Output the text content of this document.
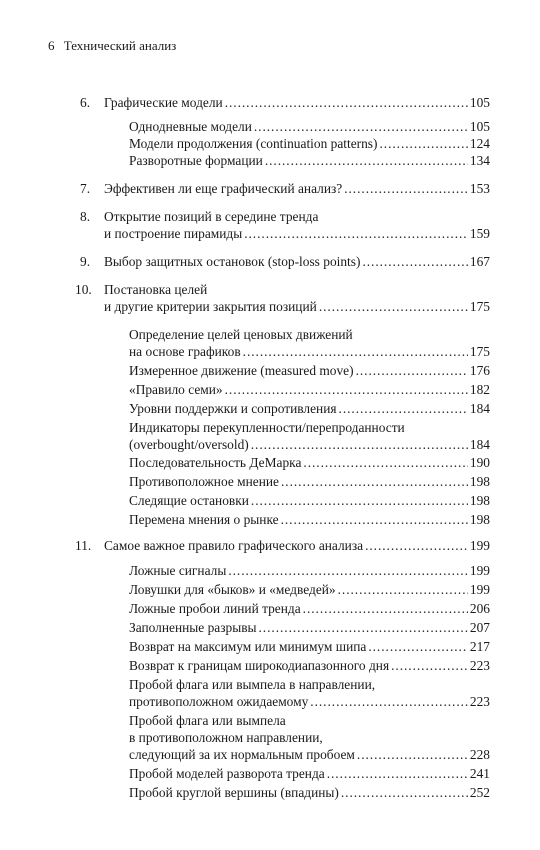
6 Технический анализ
6.	Графические модели . . .	105
Однодневные модели . . .	105
Модели продолжения (continuation patterns) . . .	124
Разворотные формации . . .	134
7.	Эффективен ли еще графический анализ? . . .	153
8.	Открытие позиций в середине тренда
и построение пирамиды . . .	159
9.	Выбор защитных остановок (stop-loss points) . . .	167
10. Постановка целей
и другие критерии закрытия позиций . . .	175
Определение целей ценовых движений
на основе графиков . . .	175
Измеренное движение (measured move) . . .	176
«Правило семи» . . .	182
Уровни поддержки и сопротивления . . .	184
Индикаторы перекупленности/перепроданности
(overbought/oversold) . . .	184
Последовательность ДеМарка . . .	190
Противоположное мнение . . .	198
Следящие остановки . . .	198
Перемена мнения о рынке . . .	198
11. Самое важное правило графического анализа . . .	199
Ложные сигналы . . .	199
Ловушки для «быков» и «медведей» . . .	199
Ложные пробои линий тренда . . .	206
Заполненные разрывы . . .	207
Возврат на максимум или минимум шипа . . .	217
Возврат к границам широкодиапазонного дня . . .	223
Пробой флага или вымпела в направлении,
противоположном ожидаемому . . .	223
Пробой флага или вымпела
в противоположном направлении,
следующий за их нормальным пробоем . . .	228
Пробой моделей разворота тренда . . .	241
Пробой круглой вершины (впадины) . . .	252
